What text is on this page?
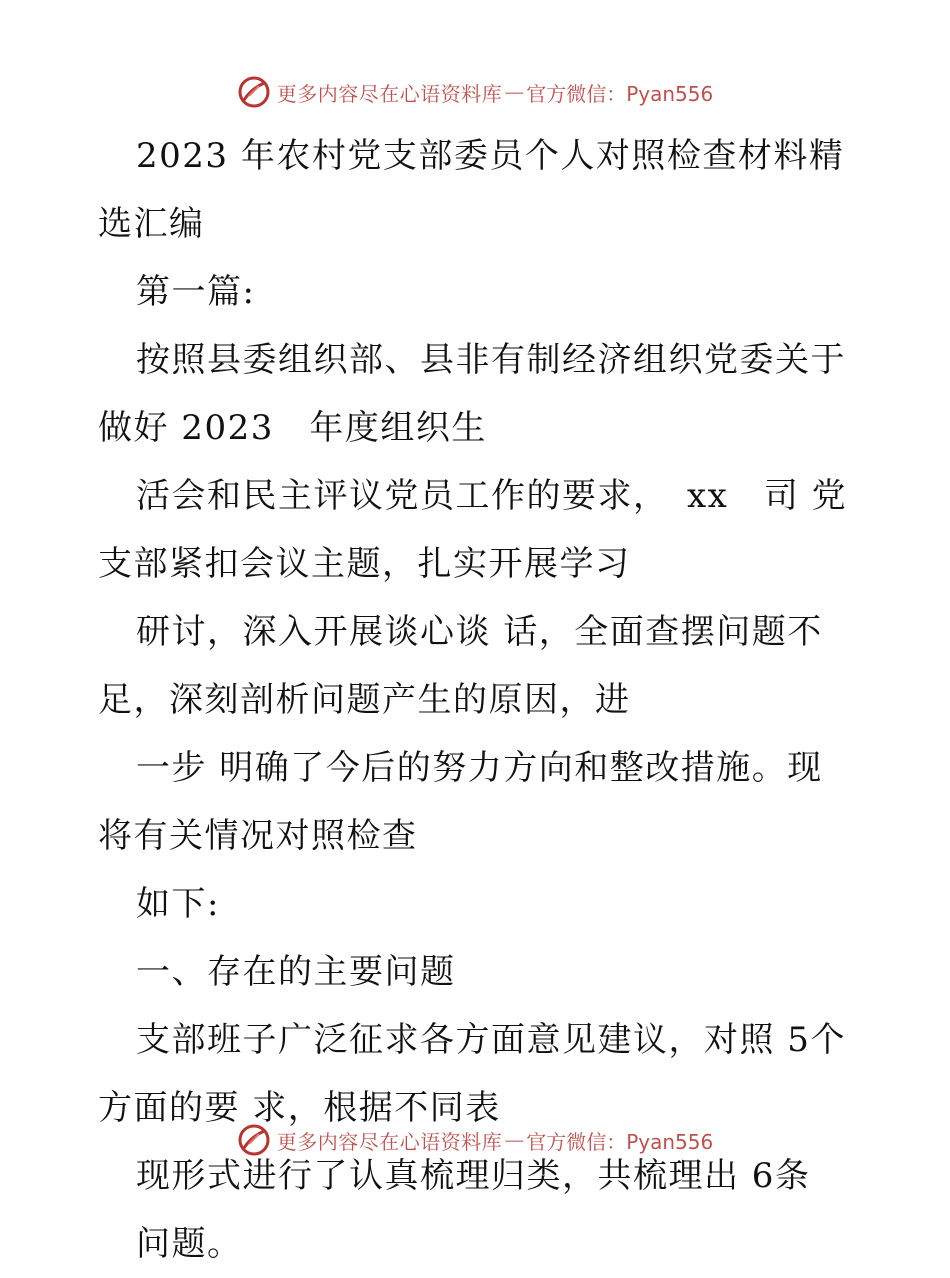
更多内容尽在心语资料库 — 官方微信：Pyan556

2023 年农村党支部委员个人对照检查材料精选汇编

第一篇:

按照县委组织部、县非有制经济组织党委关于做好 2023　年度组织生

活会和民主评议党员工作的要求，　xx　司 党支部紧扣会议主题，扎实开展学习

研讨，深入开展谈心谈 话，全面查摆问题不足，深刻剖析问题产生的原因，进

一步 明确了今后的努力方向和整改措施。现将有关情况对照检查

如下:

一、存在的主要问题

支部班子广泛征求各方面意见建议，对照 5个方面的要 求，根据不同表

现形式进行了认真梳理归类，共梳理出 6条

问题。

更多内容尽在心语资料库 — 官方微信：Pyan556
